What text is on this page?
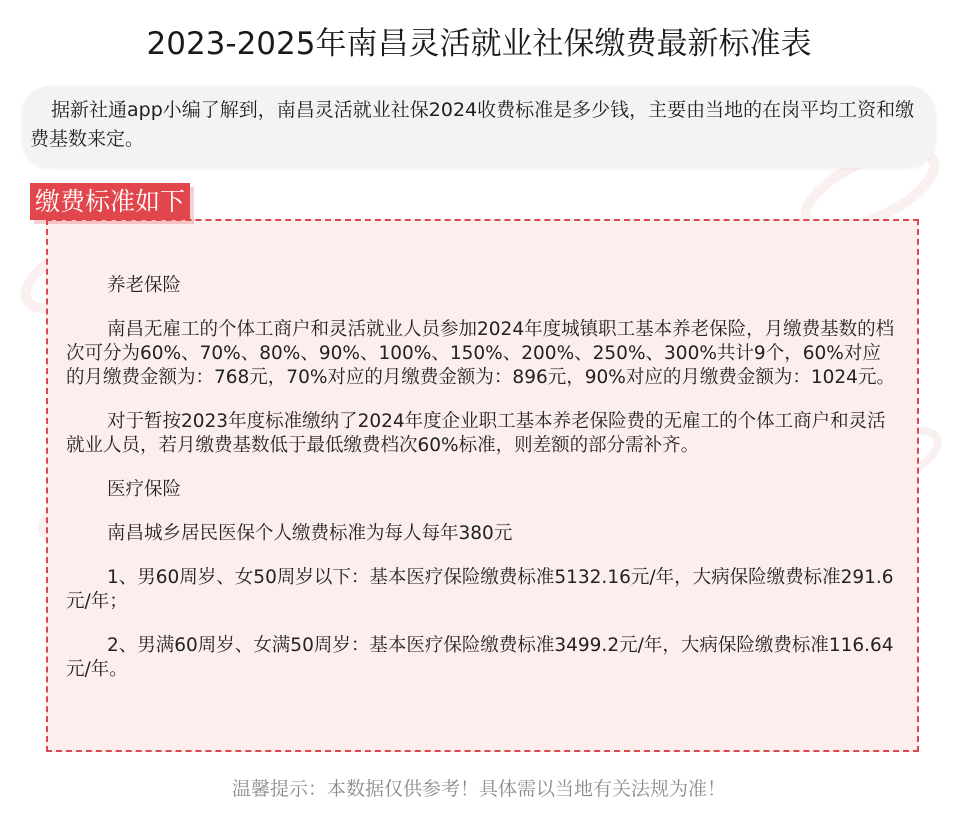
2023-2025年南昌灵活就业社保缴费最新标准表
据新社通app小编了解到，南昌灵活就业社保2024收费标准是多少钱，主要由当地的在岗平均工资和缴费基数来定。
缴费标准如下
养老保险
南昌无雇工的个体工商户和灵活就业人员参加2024年度城镇职工基本养老保险，月缴费基数的档次可分为60%、70%、80%、90%、100%、150%、200%、250%、300%共计9个，60%对应的月缴费金额为：768元，70%对应的月缴费金额为：896元，90%对应的月缴费金额为：1024元。
对于暂按2023年度标准缴纳了2024年度企业职工基本养老保险费的无雇工的个体工商户和灵活就业人员，若月缴费基数低于最低缴费档次60%标准，则差额的部分需补齐。
医疗保险
南昌城乡居民医保个人缴费标准为每人每年380元
1、男60周岁、女50周岁以下：基本医疗保险缴费标准5132.16元/年，大病保险缴费标准291.6元/年；
2、男满60周岁、女满50周岁：基本医疗保险缴费标准3499.2元/年，大病保险缴费标准116.64元/年。
温馨提示：本数据仅供参考！具体需以当地有关法规为准！
